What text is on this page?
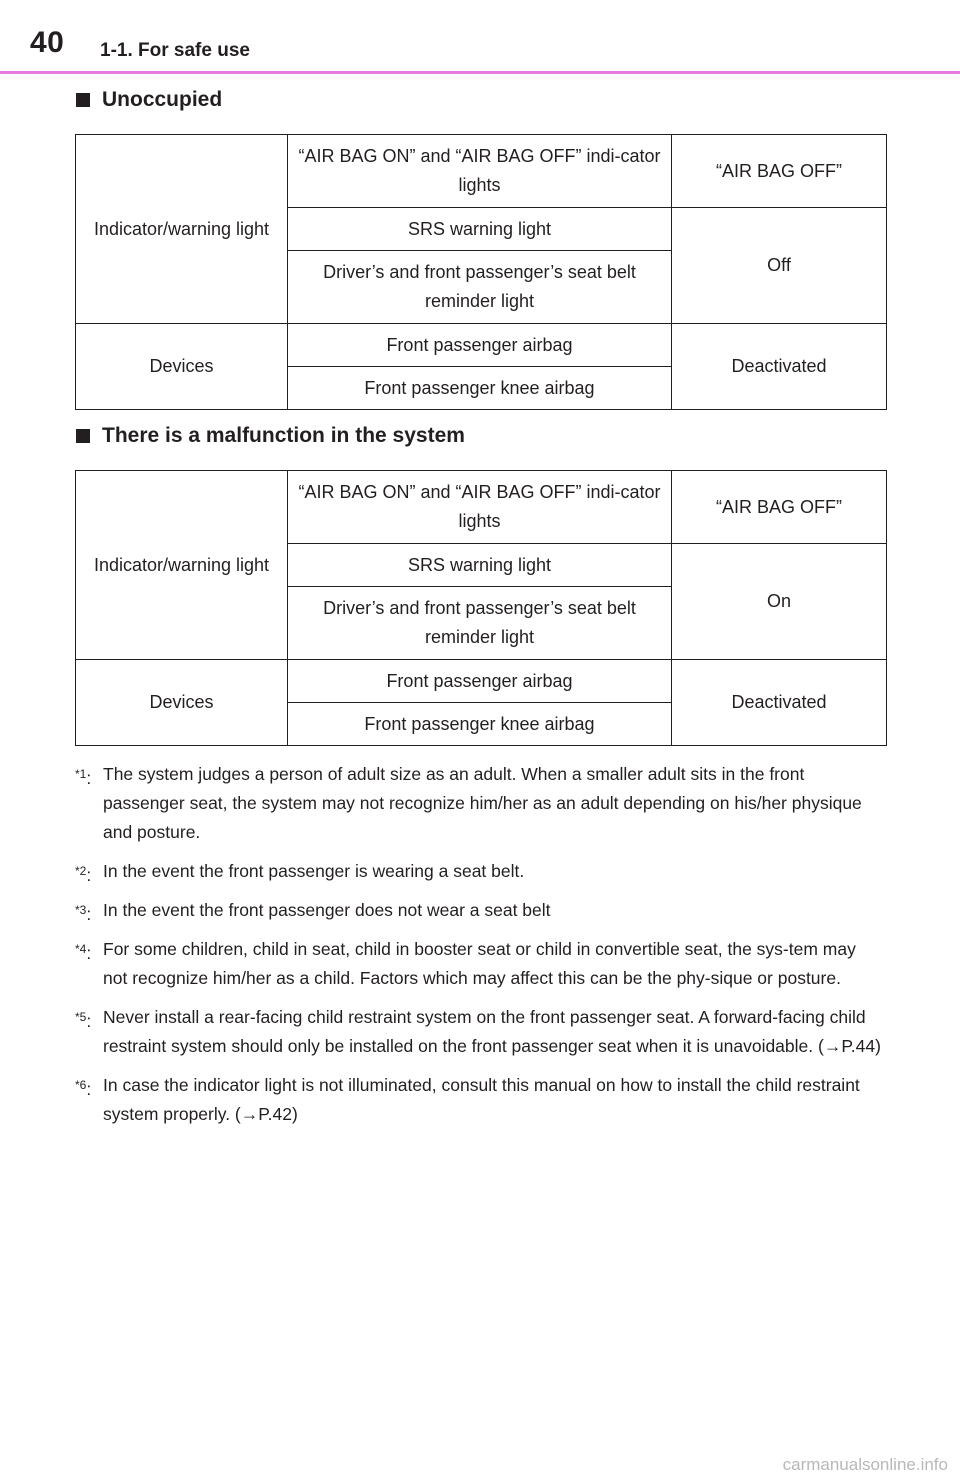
40 1-1. For safe use
Unoccupied
Indicator/warning light	“AIR BAG ON” and “AIR BAG OFF” indi-cator lights	“AIR BAG OFF”
	SRS warning light	Off
	Driver’s and front passenger’s seat belt reminder light	
Devices	Front passenger airbag	Deactivated
	Front passenger knee airbag	
There is a malfunction in the system
Indicator/warning light	“AIR BAG ON” and “AIR BAG OFF” indi-cator lights	“AIR BAG OFF”
	SRS warning light	On
	Driver’s and front passenger’s seat belt reminder light	
Devices	Front passenger airbag	Deactivated
	Front passenger knee airbag	
$^{*1}$: The system judges a person of adult size as an adult. When a smaller adult sits in the front passenger seat, the system may not recognize him/her as an adult depending on his/her physique and posture.
$^{*2}$: In the event the front passenger is wearing a seat belt.
$^{*3}$: In the event the front passenger does not wear a seat belt
$^{*4}$: For some children, child in seat, child in booster seat or child in convertible seat, the sys-tem may not recognize him/her as a child. Factors which may affect this can be the phy-sique or posture.
$^{*5}$: Never install a rear-facing child restraint system on the front passenger seat. A forward-facing child restraint system should only be installed on the front passenger seat when it is unavoidable. (→P.44)
$^{*6}$: In case the indicator light is not illuminated, consult this manual on how to install the child restraint system properly. (→P.42)
carmanualsonline.info
